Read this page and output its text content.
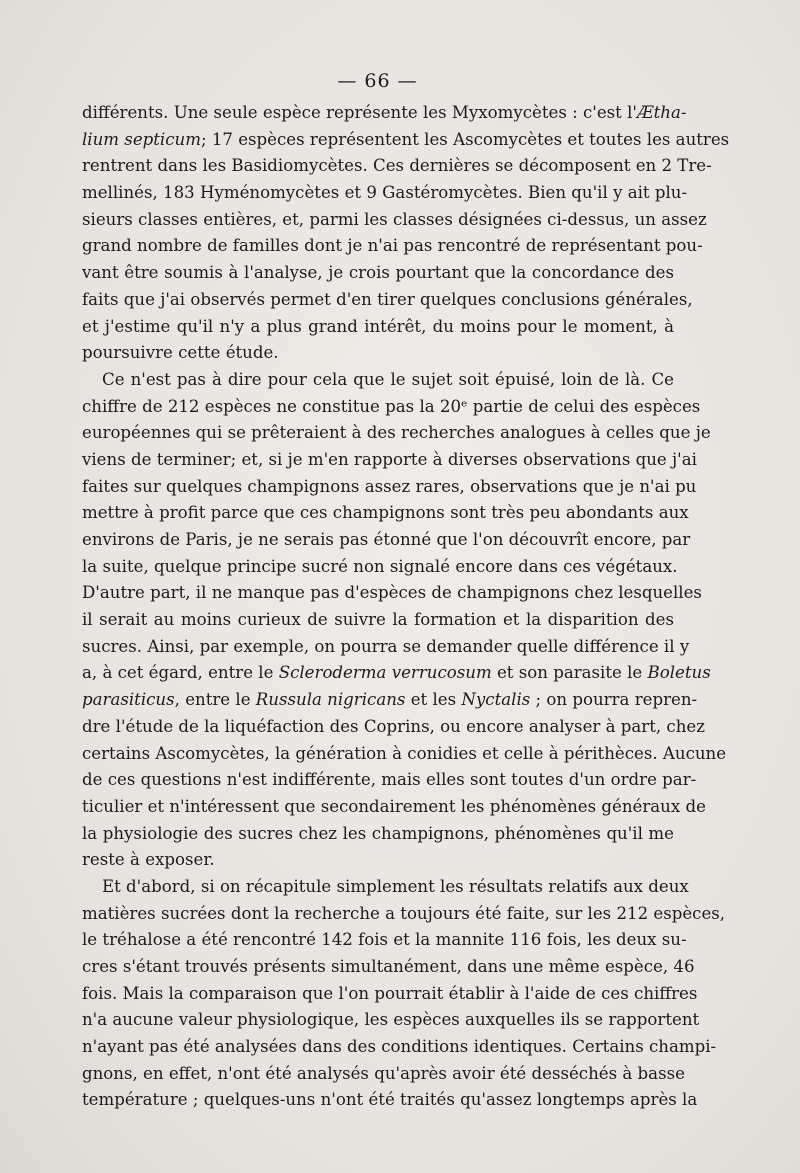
— 66 —
différents. Une seule espèce représente les Myxomycètes : c'est l'Æthа-
lium septicum; 17 espèces représentent les Ascomycètes et toutes les autres
rentrent dans les Basidiomycètes. Ces dernières se décomposent en 2 Tre-
mellinés, 183 Hyménomycètes et 9 Gastéromycètes. Bien qu'il y ait plu-
sieurs classes entières, et, parmi les classes désignées ci-dessus, un assez
grand nombre de familles dont je n'ai pas rencontré de représentant pou-
vant être soumis à l'analyse, je crois pourtant que la concordance des
faits que j'ai observés permet d'en tirer quelques conclusions générales,
et j'estime qu'il n'y a plus grand intérêt, du moins pour le moment, à
poursuivre cette étude.
Ce n'est pas à dire pour cela que le sujet soit épuisé, loin de là. Ce
chiffre de 212 espèces ne constitue pas la 20ᵉ partie de celui des espèces
européennes qui se prêteraient à des recherches analogues à celles que je
viens de terminer; et, si je m'en rapporte à diverses observations que j'ai
faites sur quelques champignons assez rares, observations que je n'ai pu
mettre à profit parce que ces champignons sont très peu abondants aux
environs de Paris, je ne serais pas étonné que l'on découvrît encore, par
la suite, quelque principe sucré non signalé encore dans ces végétaux.
D'autre part, il ne manque pas d'espèces de champignons chez lesquelles
il serait au moins curieux de suivre la formation et la disparition des
sucres. Ainsi, par exemple, on pourra se demander quelle différence il y
a, à cet égard, entre le Scleroderma verrucosum et son parasite le Boletus
parasiticus, entre le Russula nigricans et les Nyctalis ; on pourra repren-
dre l'étude de la liquéfaction des Coprins, ou encore analyser à part, chez
certains Ascomycètes, la génération à conidies et celle à périthèces. Aucune
de ces questions n'est indifférente, mais elles sont toutes d'un ordre par-
ticulier et n'intéressent que secondairement les phénomènes généraux de
la physiologie des sucres chez les champignons, phénomènes qu'il me
reste à exposer.
Et d'abord, si on récapitule simplement les résultats relatifs aux deux
matières sucrées dont la recherche a toujours été faite, sur les 212 espèces,
le tréhalose a été rencontré 142 fois et la mannite 116 fois, les deux su-
cres s'étant trouvés présents simultanément, dans une même espèce, 46
fois. Mais la comparaison que l'on pourrait établir à l'aide de ces chiffres
n'a aucune valeur physiologique, les espèces auxquelles ils se rapportent
n'ayant pas été analysées dans des conditions identiques. Certains champi-
gnons, en effet, n'ont été analysés qu'après avoir été desséchés à basse
température ; quelques-uns n'ont été traités qu'assez longtemps après la
